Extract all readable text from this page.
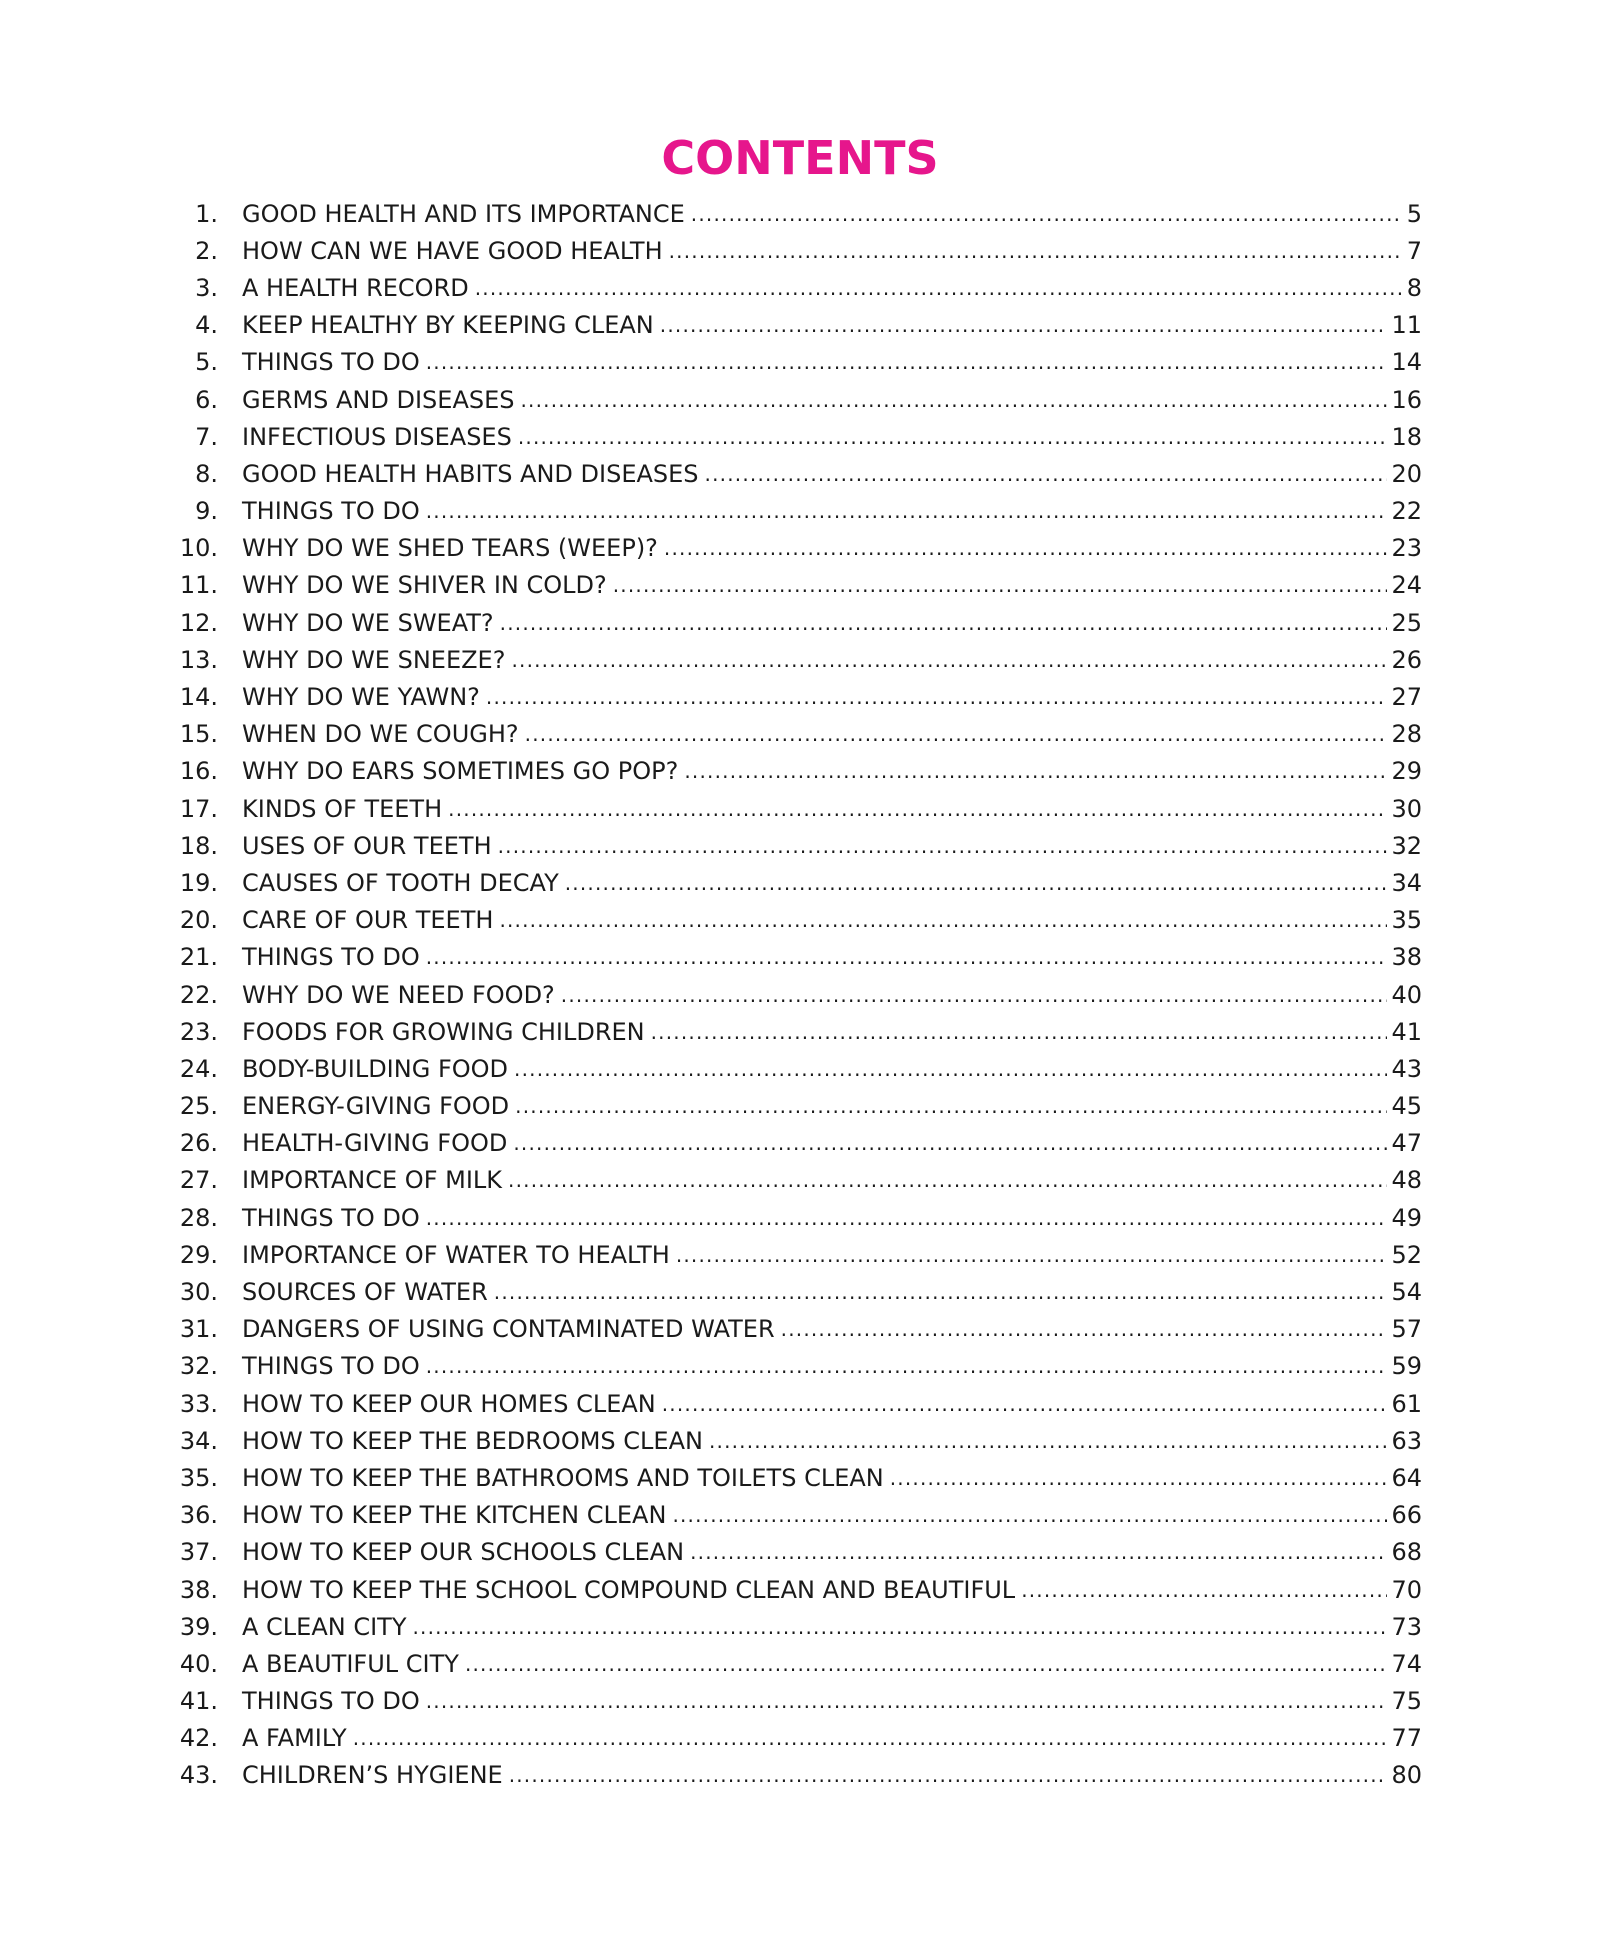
CONTENTS
1. GOOD HEALTH AND ITS IMPORTANCE .....	5
2. HOW CAN WE HAVE GOOD HEALTH .....	7
3. A HEALTH RECORD .....	8
4. KEEP HEALTHY BY KEEPING CLEAN .....	11
5. THINGS TO DO .....	14
6. GERMS AND DISEASES .....	16
7. INFECTIOUS DISEASES .....	18
8. GOOD HEALTH HABITS AND DISEASES .....	20
9. THINGS TO DO .....	22
10. WHY DO WE SHED TEARS (WEEP)? .....	23
11. WHY DO WE SHIVER IN COLD? .....	24
12. WHY DO WE SWEAT? .....	25
13. WHY DO WE SNEEZE? .....	26
14. WHY DO WE YAWN? .....	27
15. WHEN DO WE COUGH? .....	28
16. WHY DO EARS SOMETIMES GO POP? .....	29
17. KINDS OF TEETH .....	30
18. USES OF OUR TEETH .....	32
19. CAUSES OF TOOTH DECAY .....	34
20. CARE OF OUR TEETH .....	35
21. THINGS TO DO .....	38
22. WHY DO WE NEED FOOD? .....	40
23. FOODS FOR GROWING CHILDREN .....	41
24. BODY-BUILDING FOOD .....	43
25. ENERGY-GIVING FOOD .....	45
26. HEALTH-GIVING FOOD .....	47
27. IMPORTANCE OF MILK .....	48
28. THINGS TO DO .....	49
29. IMPORTANCE OF WATER TO HEALTH .....	52
30. SOURCES OF WATER .....	54
31. DANGERS OF USING CONTAMINATED WATER .....	57
32. THINGS TO DO .....	59
33. HOW TO KEEP OUR HOMES CLEAN .....	61
34. HOW TO KEEP THE BEDROOMS CLEAN .....	63
35. HOW TO KEEP THE BATHROOMS AND TOILETS CLEAN .....	64
36. HOW TO KEEP THE KITCHEN CLEAN .....	66
37. HOW TO KEEP OUR SCHOOLS CLEAN .....	68
38. HOW TO KEEP THE SCHOOL COMPOUND CLEAN AND BEAUTIFUL .....	70
39. A CLEAN CITY .....	73
40. A BEAUTIFUL CITY .....	74
41. THINGS TO DO .....	75
42. A FAMILY .....	77
43. CHILDREN’S HYGIENE .....	80
